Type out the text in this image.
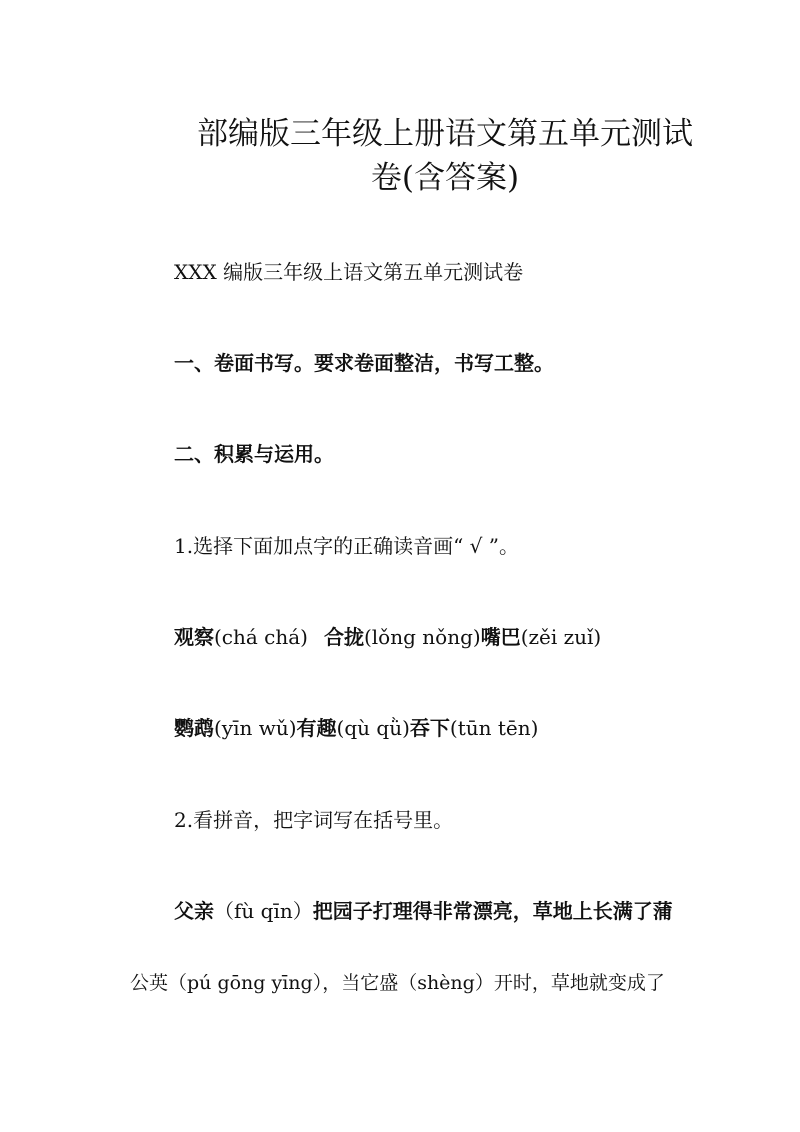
部编版三年级上册语文第五单元测试
卷(含答案)
XXX 编版三年级上语文第五单元测试卷
一、卷面书写。要求卷面整洁，书写工整。
二、积累与运用。
1.选择下面加点字的正确读音画“ √ ”。
观察(chá chá) 合拢(lǒng nǒng)嘴巴(zěi zuǐ)
鹦鹉(yīn wǔ)有趣(qù qǜ)吞下(tūn tēn)
2.看拼音，把字词写在括号里。
父亲（fù qīn）把园子打理得非常漂亮，草地上长满了蒲
公英（pú gōng yīng），当它盛（shèng）开时，草地就变成了
